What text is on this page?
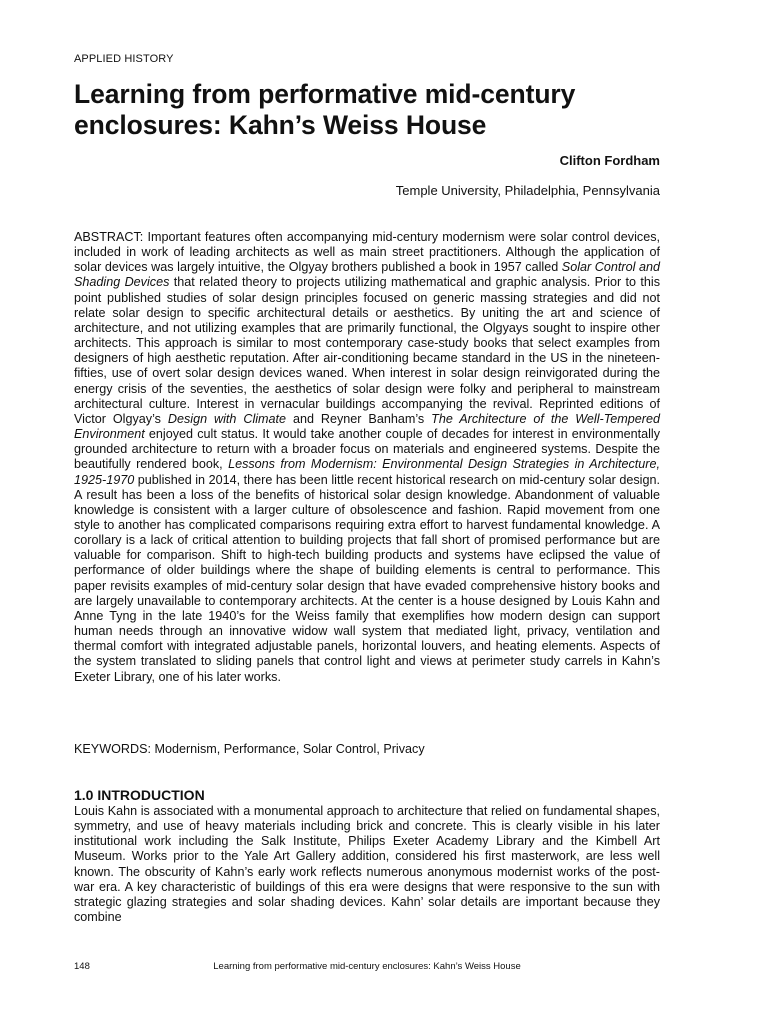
APPLIED HISTORY
Learning from performative mid-century enclosures: Kahn’s Weiss House
Clifton Fordham
Temple University, Philadelphia, Pennsylvania

ABSTRACT: Important features often accompanying mid-century modernism were solar control devices, included in work of leading architects as well as main street practitioners. Although the application of solar devices was largely intuitive, the Olgyay brothers published a book in 1957 called Solar Control and Shading Devices that related theory to projects utilizing mathematical and graphic analysis. Prior to this point published studies of solar design principles focused on generic massing strategies and did not relate solar design to specific architectural details or aesthetics. By uniting the art and science of architecture, and not utilizing examples that are primarily functional, the Olgyays sought to inspire other architects. This approach is similar to most contemporary case-study books that select examples from designers of high aesthetic reputation. After air-conditioning became standard in the US in the nineteen-fifties, use of overt solar design devices waned. When interest in solar design reinvigorated during the energy crisis of the seventies, the aesthetics of solar design were folky and peripheral to mainstream architectural culture. Interest in vernacular buildings accompanying the revival. Reprinted editions of Victor Olgyay’s Design with Climate and Reyner Banham’s The Architecture of the Well-Tempered Environment enjoyed cult status. It would take another couple of decades for interest in environmentally grounded architecture to return with a broader focus on materials and engineered systems. Despite the beautifully rendered book, Lessons from Modernism: Environmental Design Strategies in Architecture, 1925-1970 published in 2014, there has been little recent historical research on mid-century solar design. A result has been a loss of the benefits of historical solar design knowledge. Abandonment of valuable knowledge is consistent with a larger culture of obsolescence and fashion. Rapid movement from one style to another has complicated comparisons requiring extra effort to harvest fundamental knowledge. A corollary is a lack of critical attention to building projects that fall short of promised performance but are valuable for comparison. Shift to high-tech building products and systems have eclipsed the value of performance of older buildings where the shape of building elements is central to performance. This paper revisits examples of mid-century solar design that have evaded comprehensive history books and are largely unavailable to contemporary architects. At the center is a house designed by Louis Kahn and Anne Tyng in the late 1940’s for the Weiss family that exemplifies how modern design can support human needs through an innovative widow wall system that mediated light, privacy, ventilation and thermal comfort with integrated adjustable panels, horizontal louvers, and heating elements. Aspects of the system translated to sliding panels that control light and views at perimeter study carrels in Kahn’s Exeter Library, one of his later works.

KEYWORDS: Modernism, Performance, Solar Control, Privacy
1.0 INTRODUCTION

Louis Kahn is associated with a monumental approach to architecture that relied on fundamental shapes, symmetry, and use of heavy materials including brick and concrete. This is clearly visible in his later institutional work including the Salk Institute, Philips Exeter Academy Library and the Kimbell Art Museum. Works prior to the Yale Art Gallery addition, considered his first masterwork, are less well known. The obscurity of Kahn’s early work reflects numerous anonymous modernist works of the post-war era. A key characteristic of buildings of this era were designs that were responsive to the sun with strategic glazing strategies and solar shading devices. Kahn’ solar details are important because they combine

148	Learning from performative mid-century enclosures: Kahn’s Weiss House
